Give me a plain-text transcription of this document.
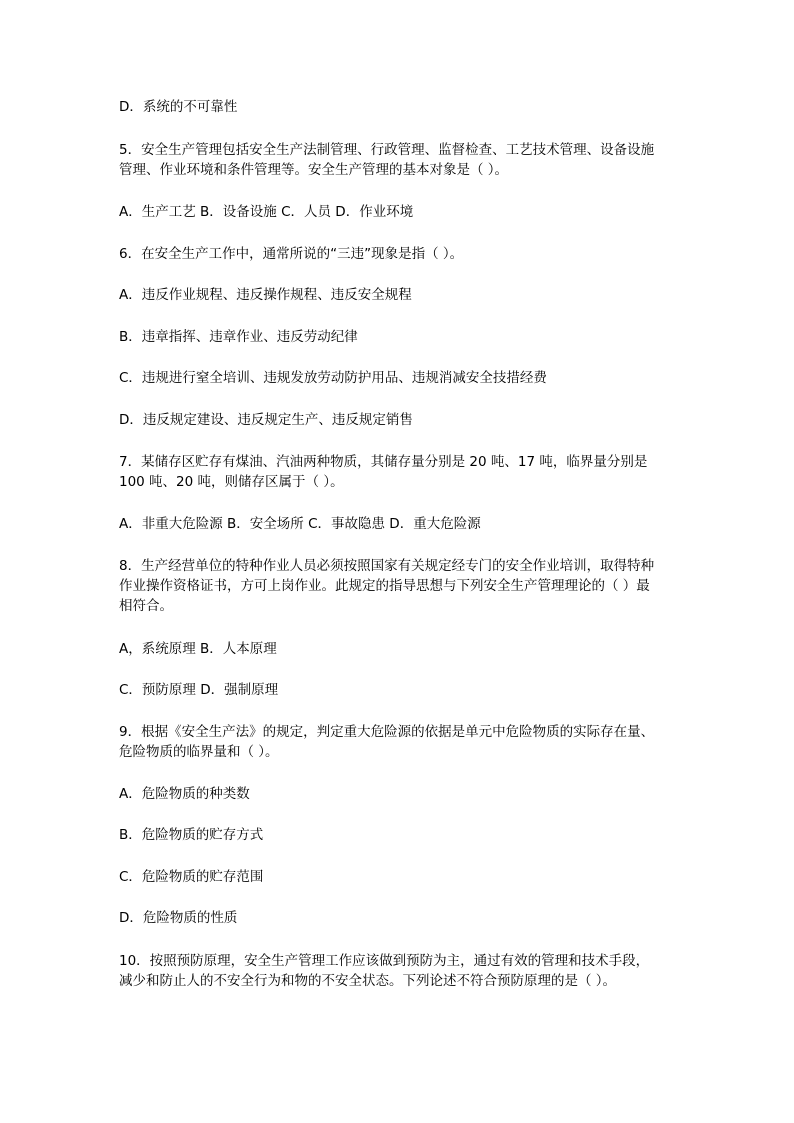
D．系统的不可靠性
5．安全生产管理包括安全生产法制管理、行政管理、监督检查、工艺技术管理、设备设施
管理、作业环境和条件管理等。安全生产管理的基本对象是（ ）。
A．生产工艺 B．设备设施 C．人员 D．作业环境
6．在安全生产工作中，通常所说的“三违”现象是指（ ）。
A．违反作业规程、违反操作规程、违反安全规程
B．违章指挥、违章作业、违反劳动纪律
C．违规进行窒全培训、违规发放劳动防护用品、违规消减安全技措经费
D．违反规定建设、违反规定生产、违反规定销售
7．某储存区贮存有煤油、汽油两种物质，其储存量分别是 20 吨、17 吨，临界量分别是
100 吨、20 吨，则储存区属于（ ）。
A．非重大危险源 B．安全场所 C．事故隐患 D．重大危险源
8．生产经营单位的特种作业人员必须按照国家有关规定经专门的安全作业培训，取得特种
作业操作资格证书，方可上岗作业。此规定的指导思想与下列安全生产管理理论的（ ）最
相符合。
A，系统原理 B．人本原理
C．预防原理 D．强制原理
9．根据《安全生产法》的规定，判定重大危险源的依据是单元中危险物质的实际存在量、
危险物质的临界量和（ ）。
A．危险物质的种类数
B．危险物质的贮存方式
C．危险物质的贮存范围
D．危险物质的性质
10．按照预防原理，安全生产管理工作应该做到预防为主，通过有效的管理和技术手段，
减少和防止人的不安全行为和物的不安全状态。下列论述不符合预防原理的是（ ）。
